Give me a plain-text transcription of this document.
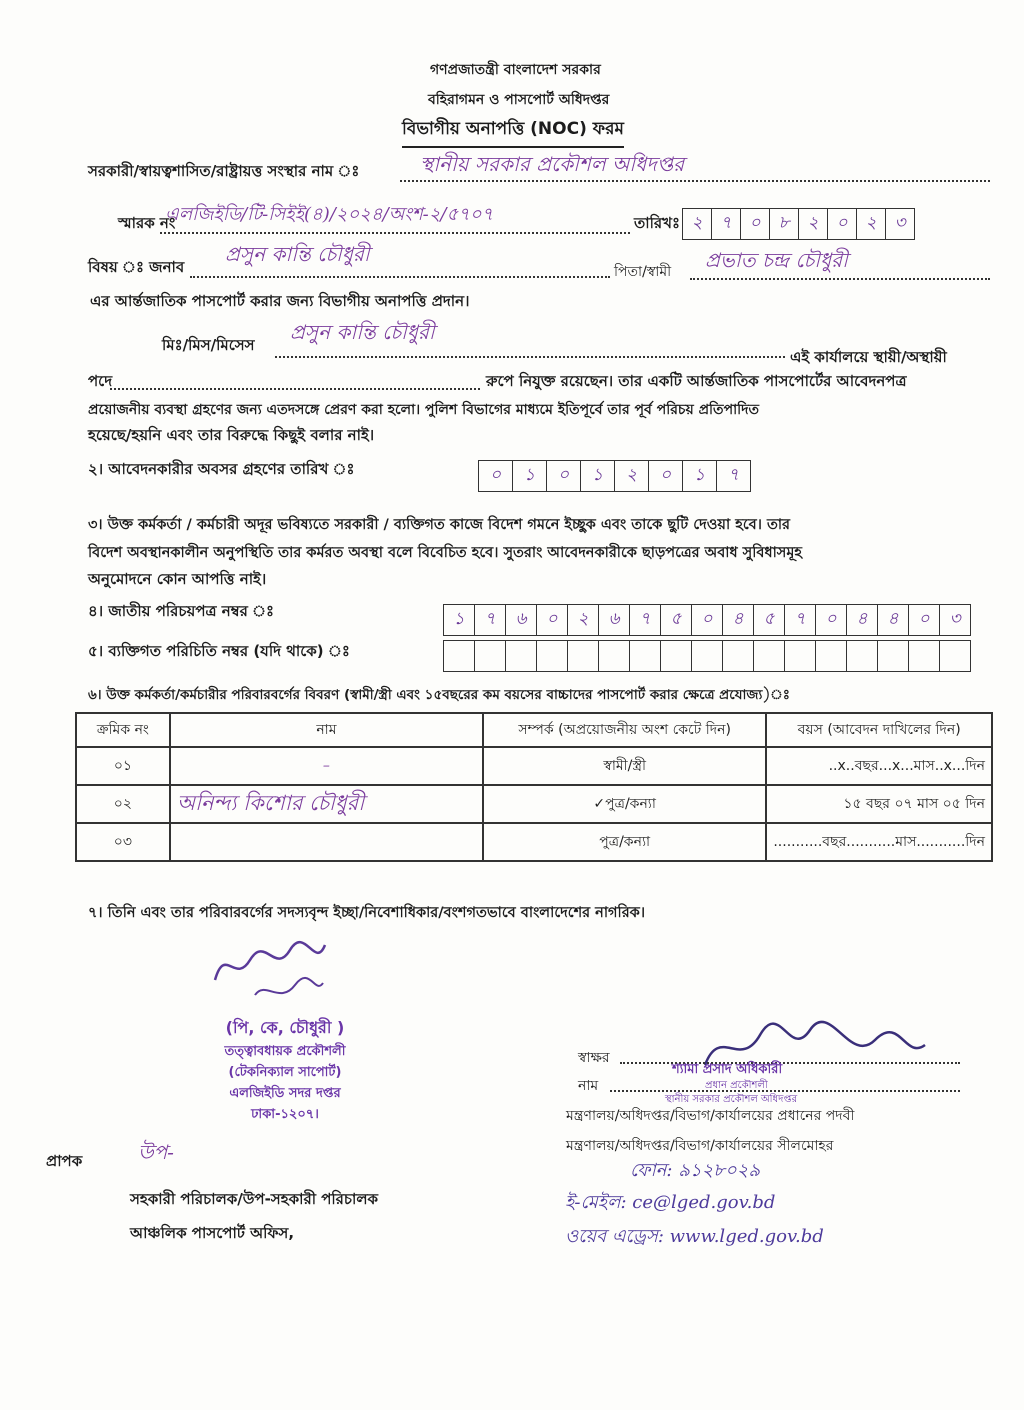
গণপ্রজাতন্ত্রী বাংলাদেশ সরকার
বহিরাগমন ও পাসপোর্ট অধিদপ্তর
বিভাগীয় অনাপত্তি (NOC) ফরম
সরকারী/স্বায়ত্বশাসিত/রাষ্ট্রায়ত্ত সংস্থার নাম ঃ	স্থানীয় সরকার প্রকৌশল অধিদপ্তর
স্মারক নং
এলজিইডি/টি-সিইই(৪)/২০২৪/অংশ-২/৫৭০৭	তারিখঃ ২	৭	০	৮	২	০	২	৩
বিষয় ঃ জনাব
প্রসুন কান্তি চৌধুরী
পিতা/স্বামী প্রভাত চন্দ্র চৌধুরী
এর আর্ন্তজাতিক পাসপোর্ট করার জন্য বিভাগীয় অনাপত্তি প্রদান।
মিঃ/মিস/মিসেস
প্রসুন কান্তি চৌধুরী
এই কার্যালয়ে স্থায়ী/অস্থায়ী
পদে	রুপে নিযুক্ত রয়েছেন। তার একটি আর্ন্তজাতিক পাসপোর্টের আবেদনপত্র
প্রয়োজনীয় ব্যবস্থা গ্রহণের জন্য এতদসঙ্গে প্রেরণ করা হলো। পুলিশ বিভাগের মাধ্যমে ইতিপূর্বে তার পূর্ব পরিচয় প্রতিপাদিত
হয়েছে/হয়নি এবং তার বিরুদ্ধে কিছুই বলার নাই।
২। আবেদনকারীর অবসর গ্রহণের তারিখ ঃ	০	১	০	১	২	০	১	৭
৩। উক্ত কর্মকর্তা / কর্মচারী অদূর ভবিষ্যতে সরকারী / ব্যক্তিগত কাজে বিদেশ গমনে ইচ্ছুক এবং তাকে ছুটি দেওয়া হবে। তার
বিদেশ অবস্থানকালীন অনুপস্থিতি তার কর্মরত অবস্থা বলে বিবেচিত হবে। সুতরাং আবেদনকারীকে ছাড়পত্রের অবাধ সুবিধাসমূহ
অনুমোদনে কোন আপত্তি নাই।
৪। জাতীয় পরিচয়পত্র নম্বর ঃ	১	৭	৬	০	২	৬	৭	৫	০	৪	৫	৭	০	৪	৪	০	৩
৫। ব্যক্তিগত পরিচিতি নম্বর (যদি থাকে) ঃ
৬। উক্ত কর্মকর্তা/কর্মচারীর পরিবারবর্গের বিবরণ (স্বামী/স্ত্রী এবং ১৫বছরের কম বয়সের বাচ্চাদের পাসপোর্ট করার ক্ষেত্রে প্রযোজ্য)ঃ
ক্রমিক নং	নাম	সম্পর্ক (অপ্রয়োজনীয় অংশ কেটে দিন)	বয়স (আবেদন দাখিলের দিন)
০১	–	স্বামী/স্ত্রী	..x..বছর...x...মাস..x...দিন
০২	অনিন্দ্য কিশোর চৌধুরী	✓পুত্র/কন্যা	১৫ বছর ০৭ মাস ০৫ দিন
০৩		পুত্র/কন্যা	...........বছর...........মাস...........দিন
৭। তিনি এবং তার পরিবারবর্গের সদস্যবৃন্দ ইচ্ছা/নিবেশাধিকার/বংশগতভাবে বাংলাদেশের নাগরিক।
(পি, কে, চৌধুরী )
তত্ত্বাবধায়ক প্রকৌশলী
(টেকনিক্যাল সাপোর্ট)
এলজিইডি সদর দপ্তর
ঢাকা-১২০৭।
স্বাক্ষর
নাম
শ্যামা প্রসাদ অধিকারী
প্রধান প্রকৌশলী
স্থানীয় সরকার প্রকৌশল অধিদপ্তর
মন্ত্রণালয়/অধিদপ্তর/বিভাগ/কার্যালয়ের প্রধানের পদবী
মন্ত্রণালয়/অধিদপ্তর/বিভাগ/কার্যালয়ের সীলমোহর
ফোন: ৯১২৮০২৯
ই-মেইল: ce@lged.gov.bd
ওয়েব এড্রেস: www.lged.gov.bd
প্রাপক	উপ-
সহকারী পরিচালক/উপ-সহকারী পরিচালক
আঞ্চলিক পাসপোর্ট অফিস,
